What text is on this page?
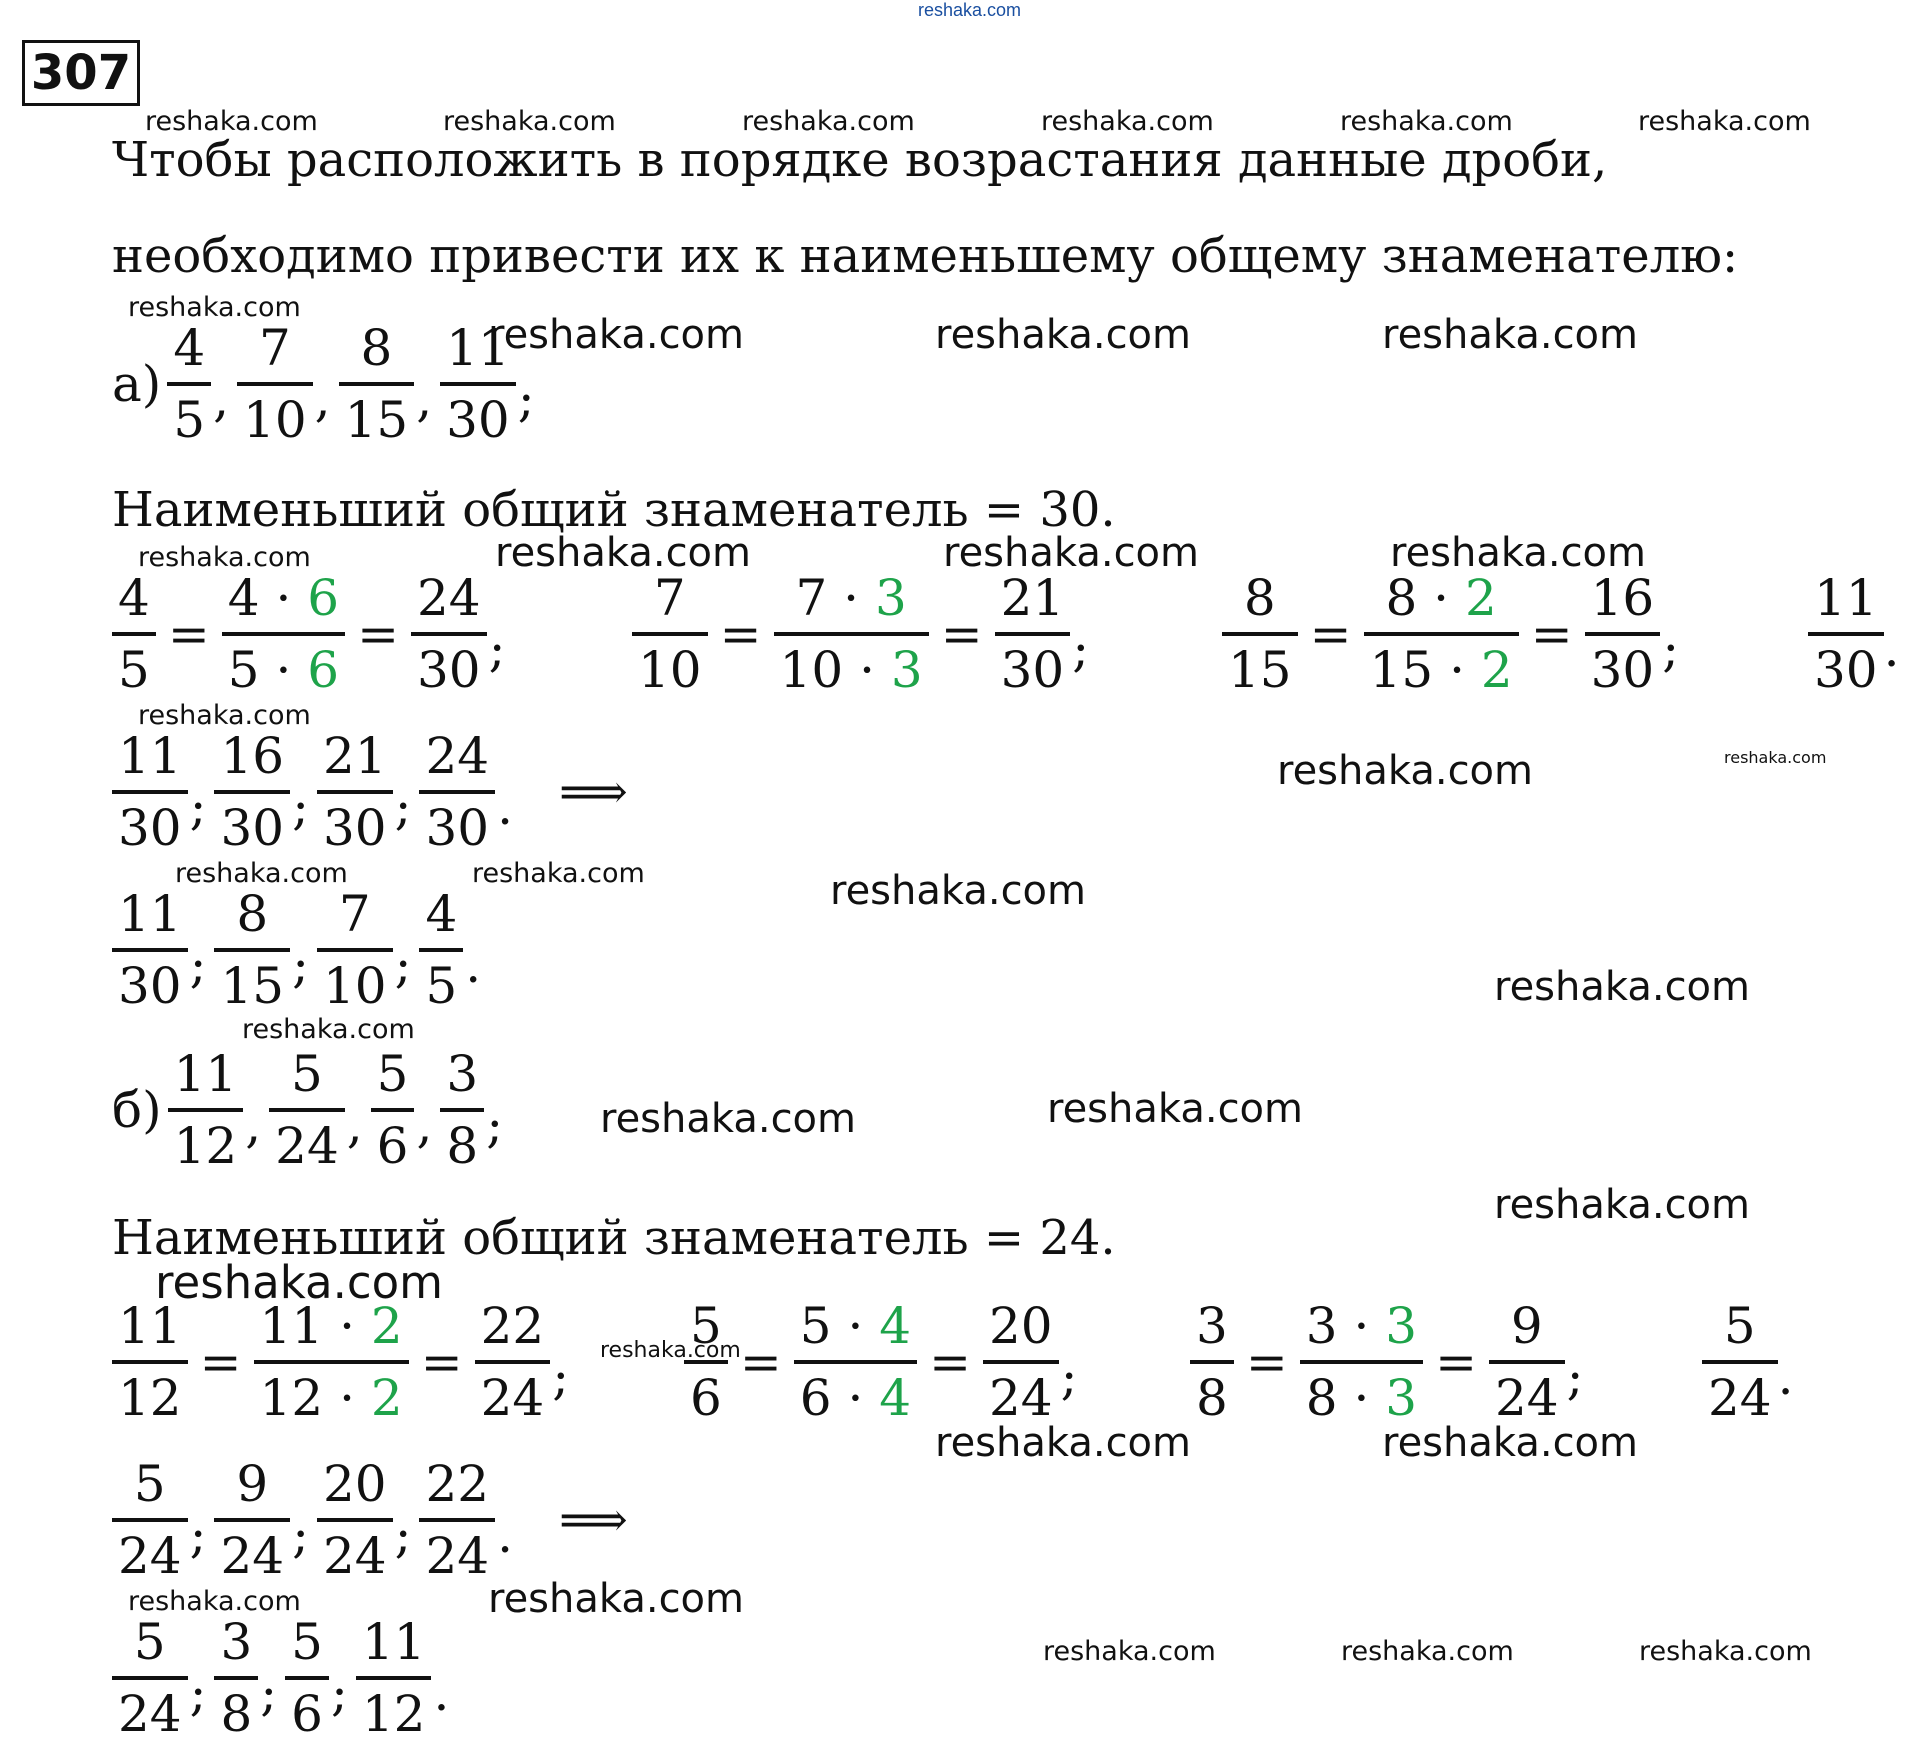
reshaka.com
307
Чтобы расположить в порядке возрастания данные дроби,
необходимо привести их к наименьшему общему знаменателю:
$а) \frac{4}{5}$ , $\frac{7}{10}$ , $\frac{8}{15}$ , $\frac{11}{30}$ ;
Наименьший общий знаменатель = 30.
$\frac{4}{5} = \frac{4 \cdot 6}{5 \cdot 6} = \frac{24}{30}$ ;	$\frac{7}{10} = \frac{7 \cdot 3}{10 \cdot 3} = \frac{21}{30}$ ;	$\frac{8}{15} = \frac{8 \cdot 2}{15 \cdot 2} = \frac{16}{30}$ ;	$\frac{11}{30}$ .
$\frac{11}{30}$ ; $\frac{16}{30}$ ; $\frac{21}{30}$ ; $\frac{24}{30}$ . ⟹
$\frac{11}{30}$ ; $\frac{8}{15}$ ; $\frac{7}{10}$ ; $\frac{4}{5}$ .
$б) \frac{11}{12}$ , $\frac{5}{24}$ , $\frac{5}{6}$ , $\frac{3}{8}$ ;
Наименьший общий знаменатель = 24.
$\frac{11}{12} = \frac{11 \cdot 2}{12 \cdot 2} = \frac{22}{24}$ ; $\frac{5}{6} = \frac{5 \cdot 4}{6 \cdot 4} = \frac{20}{24}$ ; $\frac{3}{8} = \frac{3 \cdot 3}{8 \cdot 3} = \frac{9}{24}$ ; $\frac{5}{24}$ .
$\frac{5}{24}$ ; $\frac{9}{24}$ ; $\frac{20}{24}$ ; $\frac{22}{24}$ . ⟹
$\frac{5}{24}$ ; $\frac{3}{8}$ ; $\frac{5}{6}$ ; $\frac{11}{12}$ .
reshaka.com	reshaka.com	reshaka.com	reshaka.com	reshaka.com	reshaka.com
reshaka.com
reshaka.com	reshaka.com	reshaka.com
reshaka.com	reshaka.com	reshaka.com	reshaka.com
reshaka.com
reshaka.com	reshaka.com
reshaka.com	reshaka.com	reshaka.com
reshaka.com
reshaka.com
reshaka.com	reshaka.com
reshaka.com
reshaka.com
reshaka.com
reshaka.com	reshaka.com
reshaka.com	reshaka.com
reshaka.com	reshaka.com	reshaka.com
